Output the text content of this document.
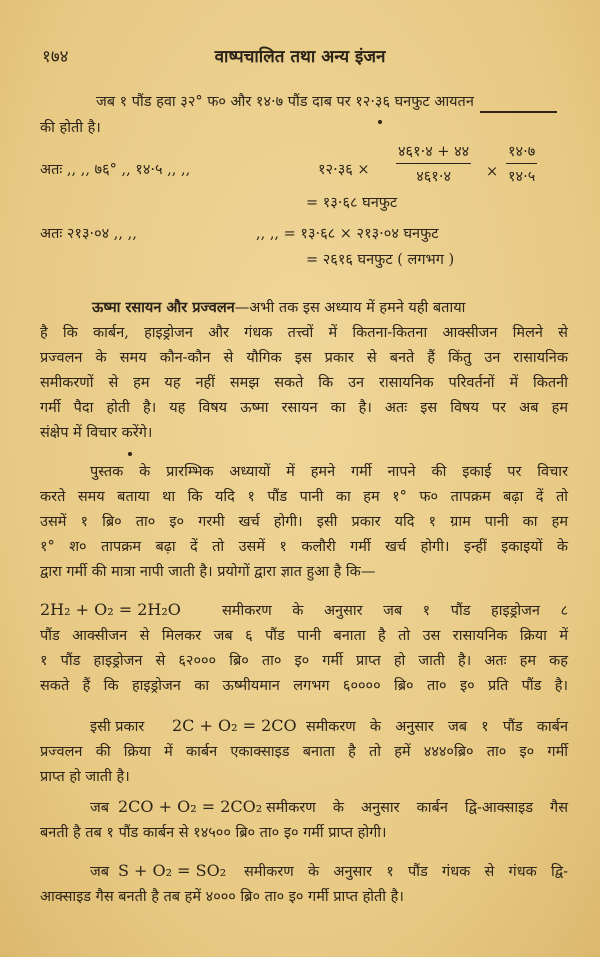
१७४	वाष्पचालित तथा अन्य इंजन
जब १ पौंड हवा ३२° फ० और १४·७ पौंड दाब पर १२·३६ घनफुट आयतन
की होती है।
अतः ,, ,, ७६° ,, १४·५ ,, ,,	१२·३६ ×
४६१·४ + ४४
४६१·४	×
१४·७
१४·५
= १३·६८ घनफुट
अतः २१३·०४ ,, ,,	,, ,, = १३·६८ × २१३·०४ घनफुट
= २६१६ घनफुट ( लगभग )
ऊष्मा रसायन और प्रज्वलन—अभी तक इस अध्याय में हमने यही बताया
है कि कार्बन, हाइड्रोजन और गंधक तत्त्वों में कितना-कितना आक्सीजन मिलने से
प्रज्वलन के समय कौन-कौन से यौगिक इस प्रकार से बनते हैं किंतु उन रासायनिक
समीकरणों से हम यह नहीं समझ सकते कि उन रासायनिक परिवर्तनों में कितनी
गर्मी पैदा होती है। यह विषय ऊष्मा रसायन का है। अतः इस विषय पर अब हम
संक्षेप में विचार करेंगे।
पुस्तक के प्रारम्भिक अध्यायों में हमने गर्मी नापने की इकाई पर विचार
करते समय बताया था कि यदि १ पौंड पानी का हम १° फ० तापक्रम बढ़ा दें तो
उसमें १ ब्रि० ता० इ० गरमी खर्च होगी। इसी प्रकार यदि १ ग्राम पानी का हम
१° श० तापक्रम बढ़ा दें तो उसमें १ कलौरी गर्मी खर्च होगी। इन्हीं इकाइयों के
द्वारा गर्मी की मात्रा नापी जाती है। प्रयोगों द्वारा ज्ञात हुआ है कि—
2H₂ + O₂ = 2H₂O	समीकरण के अनुसार जब १ पौंड हाइड्रोजन ८
पौंड आक्सीजन से मिलकर जब ६ पौंड पानी बनाता है तो उस रासायनिक क्रिया में
१ पौंड हाइड्रोजन से ६२००० ब्रि० ता० इ० गर्मी प्राप्त हो जाती है। अतः हम कह
सकते हैं कि हाइड्रोजन का ऊष्मीयमान लगभग ६०००० ब्रि० ता० इ० प्रति पौंड है।
इसी प्रकार 2C + O₂ = 2CO समीकरण के अनुसार जब १ पौंड कार्बन
प्रज्वलन की क्रिया में कार्बन एकाक्साइड बनाता है तो हमें ४४४०ब्रि० ता० इ० गर्मी
प्राप्त हो जाती है।
जब 2CO + O₂ = 2CO₂ समीकरण के अनुसार कार्बन द्वि-आक्साइड गैस
बनती है तब १ पौंड कार्बन से १४५०० ब्रि० ता० इ० गर्मी प्राप्त होगी।
जब S + O₂ = SO₂ समीकरण के अनुसार १ पौंड गंधक से गंधक द्वि-
आक्साइड गैस बनती है तब हमें ४००० ब्रि० ता० इ० गर्मी प्राप्त होती है।
